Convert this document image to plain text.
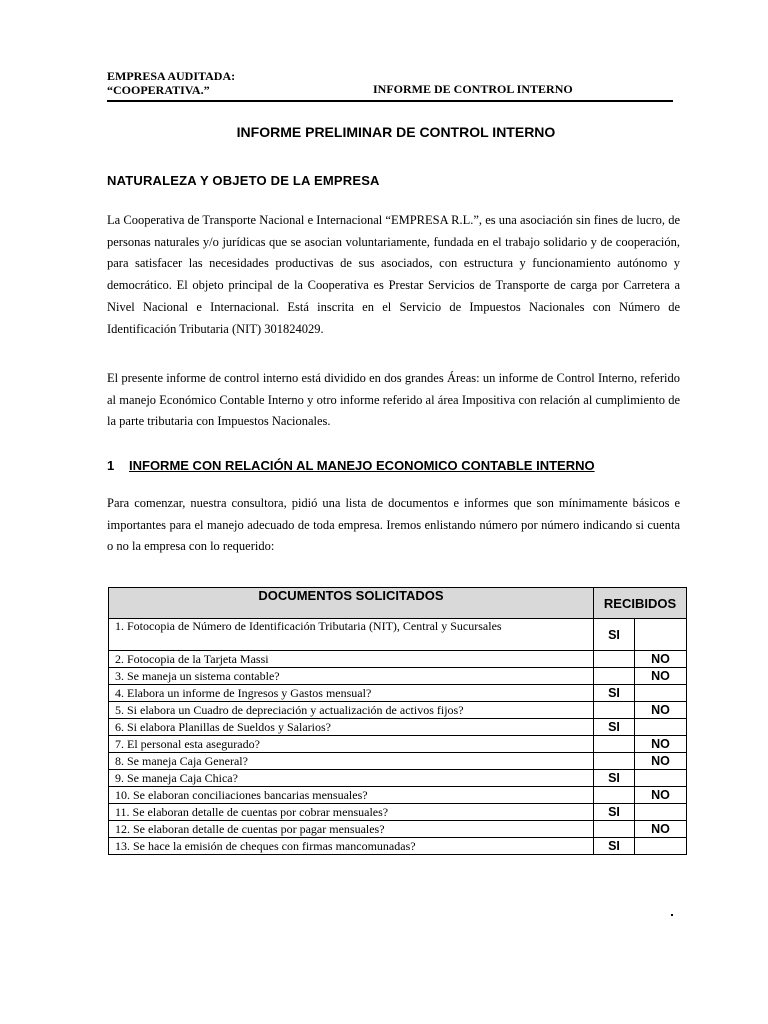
EMPRESA AUDITADA:
“COOPERATIVA.”	INFORME DE CONTROL INTERNO
INFORME PRELIMINAR DE CONTROL INTERNO
NATURALEZA Y OBJETO DE LA EMPRESA
La Cooperativa de Transporte Nacional e Internacional “EMPRESA R.L.”, es una asociación sin fines de lucro, de personas naturales y/o jurídicas que se asocian voluntariamente, fundada en el trabajo solidario y de cooperación, para satisfacer las necesidades productivas de sus asociados, con estructura y funcionamiento autónomo y democrático. El objeto principal de la Cooperativa es Prestar Servicios de Transporte de carga por Carretera a Nivel Nacional e Internacional. Está inscrita en el Servicio de Impuestos Nacionales con Número de Identificación Tributaria (NIT) 301824029.
El presente informe de control interno está dividido en dos grandes Áreas: un informe de Control Interno, referido al manejo Económico Contable Interno y otro informe referido al área Impositiva con relación al cumplimiento de la parte tributaria con Impuestos Nacionales.
1 INFORME CON RELACIÓN AL MANEJO ECONOMICO CONTABLE INTERNO
Para comenzar, nuestra consultora, pidió una lista de documentos e informes que son mínimamente básicos e importantes para el manejo adecuado de toda empresa. Iremos enlistando número por número indicando si cuenta o no la empresa con lo requerido:
DOCUMENTOS SOLICITADOS	RECIBIDOS	
1. Fotocopia de Número de Identificación Tributaria (NIT), Central y Sucursales	SI	
2. Fotocopia de la Tarjeta Massi		NO
3. Se maneja un sistema contable?		NO
4. Elabora un informe de Ingresos y Gastos mensual?	SI	
5. Si elabora un Cuadro de depreciación y actualización de activos fijos?		NO
6. Si elabora Planillas de Sueldos y Salarios?	SI	
7. El personal esta asegurado?		NO
8. Se maneja Caja General?		NO
9. Se maneja Caja Chica?	SI	
10. Se elaboran conciliaciones bancarias mensuales?		NO
11. Se elaboran detalle de cuentas por cobrar mensuales?	SI	
12. Se elaboran detalle de cuentas por pagar mensuales?		NO
13. Se hace la emisión de cheques con firmas mancomunadas?	SI	
